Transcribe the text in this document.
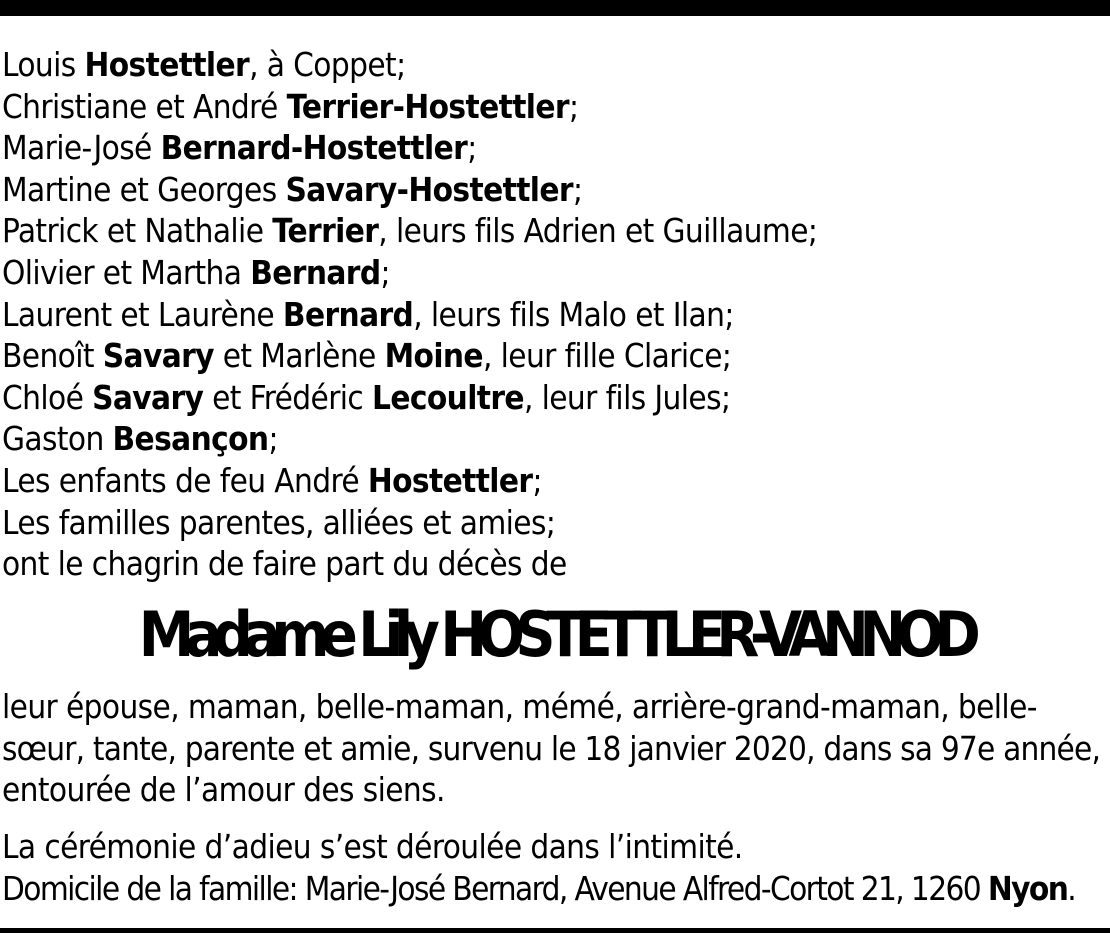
Louis Hostettler, à Coppet;
Christiane et André Terrier-Hostettler;
Marie-José Bernard-Hostettler;
Martine et Georges Savary-Hostettler;
Patrick et Nathalie Terrier, leurs fils Adrien et Guillaume;
Olivier et Martha Bernard;
Laurent et Laurène Bernard, leurs fils Malo et Ilan;
Benoît Savary et Marlène Moine, leur fille Clarice;
Chloé Savary et Frédéric Lecoultre, leur fils Jules;
Gaston Besançon;
Les enfants de feu André Hostettler;
Les familles parentes, alliées et amies;
ont le chagrin de faire part du décès de
Madame Lily HOSTETTLER-VANNOD
leur épouse, maman, belle-maman, mémé, arrière-grand-maman, belle-
sœur, tante, parente et amie, survenu le 18 janvier 2020, dans sa 97e année,
entourée de l’amour des siens.
La cérémonie d’adieu s’est déroulée dans l’intimité.
Domicile de la famille: Marie-José Bernard, Avenue Alfred-Cortot 21, 1260 Nyon.
